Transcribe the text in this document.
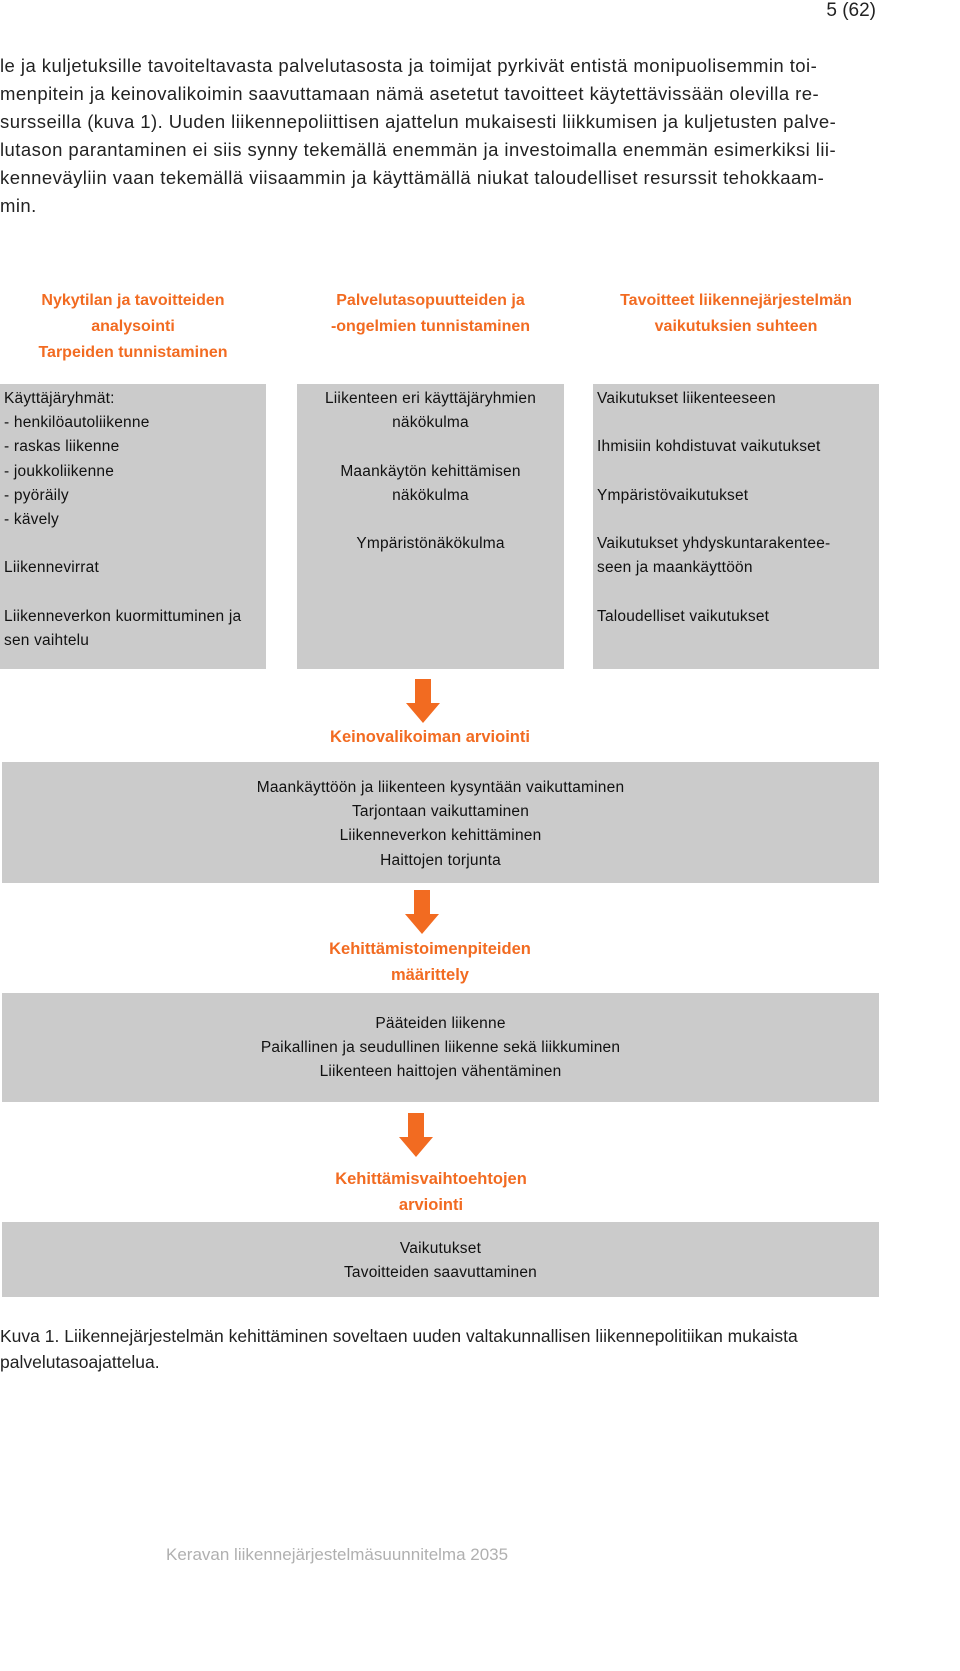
5 (62)
le ja kuljetuksille tavoiteltavasta palvelutasosta ja toimijat pyrkivät entistä monipuolisemmin toi-
menpitein ja keinovalikoimin saavuttamaan nämä asetetut tavoitteet käytettävissään olevilla re-
sursseilla (kuva 1). Uuden liikennepoliittisen ajattelun mukaisesti liikkumisen ja kuljetusten palve-
lutason parantaminen ei siis synny tekemällä enemmän ja investoimalla enemmän esimerkiksi lii-
kenneväyliin vaan tekemällä viisaammin ja käyttämällä niukat taloudelliset resurssit tehokkaam-
min.
Nykytilan ja tavoitteiden
analysointi
Tarpeiden tunnistaminen
Palvelutasopuutteiden ja
-ongelmien tunnistaminen
Tavoitteet liikennejärjestelmän
vaikutuksien suhteen
Käyttäjäryhmät:
- henkilöautoliikenne
- raskas liikenne
- joukkoliikenne
- pyöräily
- kävely

Liikennevirrat

Liikenneverkon kuormittuminen ja
sen vaihtelu
Liikenteen eri käyttäjäryhmien
näkökulma

Maankäytön kehittämisen
näkökulma

Ympäristönäkökulma
Vaikutukset liikenteeseen

Ihmisiin kohdistuvat vaikutukset

Ympäristövaikutukset

Vaikutukset yhdyskuntarakentee-
seen ja maankäyttöön

Taloudelliset vaikutukset
Keinovalikoiman arviointi
Maankäyttöön ja liikenteen kysyntään vaikuttaminen
Tarjontaan vaikuttaminen
Liikenneverkon kehittäminen
Haittojen torjunta
Kehittämistoimenpiteiden
määrittely
Pääteiden liikenne
Paikallinen ja seudullinen liikenne sekä liikkuminen
Liikenteen haittojen vähentäminen
Kehittämisvaihtoehtojen
arviointi
Vaikutukset
Tavoitteiden saavuttaminen
Kuva 1. Liikennejärjestelmän kehittäminen soveltaen uuden valtakunnallisen liikennepolitiikan mukaista
palvelutasoajattelua.
Keravan liikennejärjestelmäsuunnitelma 2035
